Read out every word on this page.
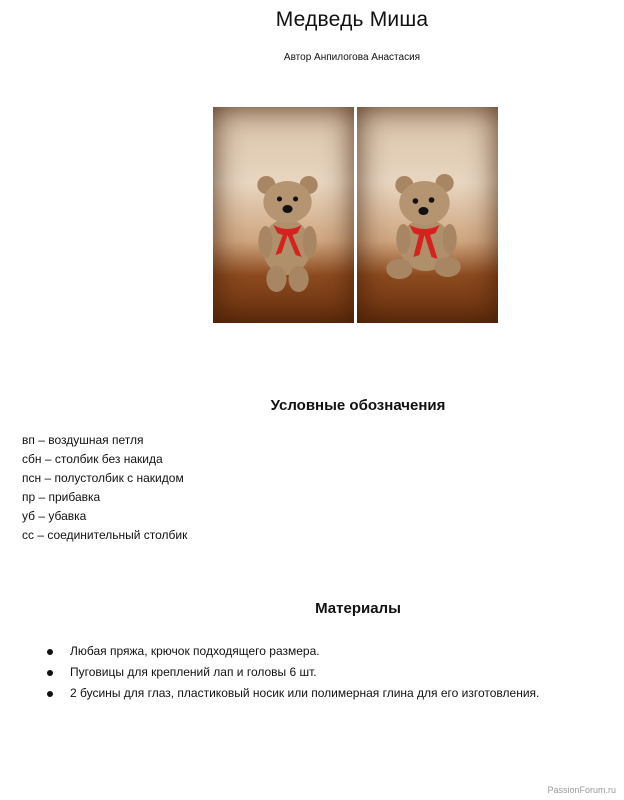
Медведь Миша
Автор Анпилогова Анастасия
Условные обозначения
вп – воздушная петля
сбн – столбик без накида
псн – полустолбик с накидом
пр – прибавка
уб – убавка
сс – соединительный столбик
Материалы
Любая пряжа, крючок подходящего размера.
Пуговицы для креплений лап и головы 6 шт.
2 бусины для глаз, пластиковый носик или полимерная глина для его изготовления.
PassionForum.ru
